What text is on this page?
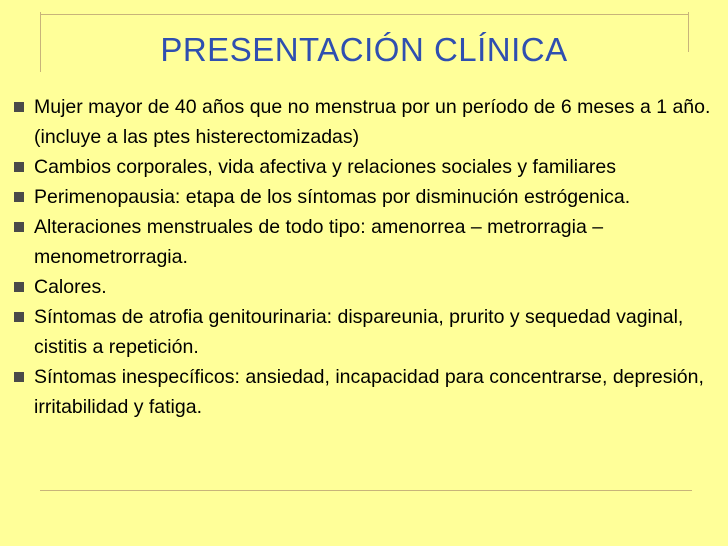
PRESENTACIÓN CLÍNICA
Mujer mayor de 40 años que no menstrua por un período de 6 meses a 1 año. (incluye a las ptes histerectomizadas)
Cambios corporales, vida afectiva y relaciones sociales y familiares
Perimenopausia: etapa de los síntomas por disminución estrógenica.
Alteraciones menstruales de todo tipo: amenorrea – metrorragia – menometrorragia.
Calores.
Síntomas de atrofia genitourinaria: dispareunia, prurito y sequedad vaginal, cistitis a repetición.
Síntomas inespecíficos: ansiedad, incapacidad para concentrarse, depresión, irritabilidad y fatiga.
